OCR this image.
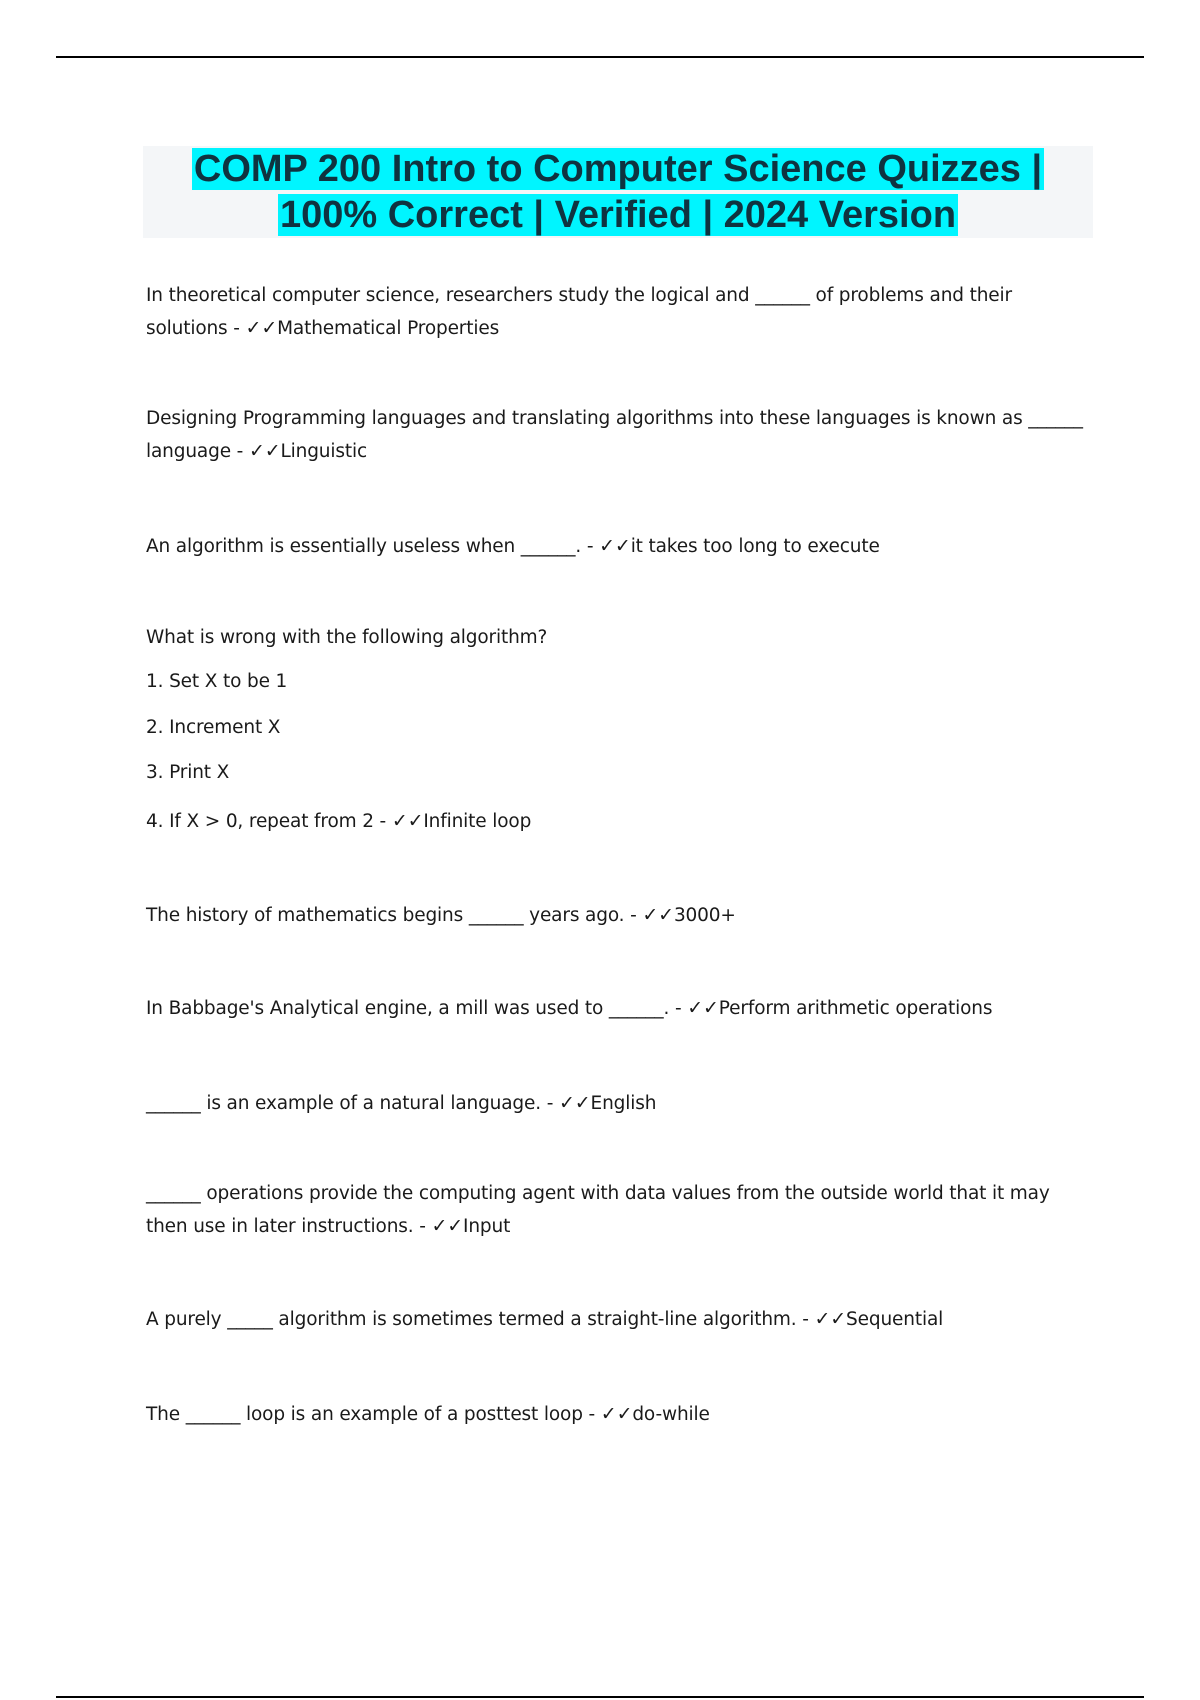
COMP 200 Intro to Computer Science Quizzes |
100% Correct | Verified | 2024 Version

In theoretical computer science, researchers study the logical and ______ of problems and their solutions - ✓✓Mathematical Properties

Designing Programming languages and translating algorithms into these languages is known as ______ language - ✓✓Linguistic

An algorithm is essentially useless when ______. - ✓✓it takes too long to execute

What is wrong with the following algorithm?

1. Set X to be 1

2. Increment X

3. Print X

4. If X > 0, repeat from 2 - ✓✓Infinite loop

The history of mathematics begins ______ years ago. - ✓✓3000+

In Babbage's Analytical engine, a mill was used to ______. - ✓✓Perform arithmetic operations

______ is an example of a natural language. - ✓✓English

______ operations provide the computing agent with data values from the outside world that it may then use in later instructions. - ✓✓Input

A purely _____ algorithm is sometimes termed a straight-line algorithm. - ✓✓Sequential

The ______ loop is an example of a posttest loop - ✓✓do-while
